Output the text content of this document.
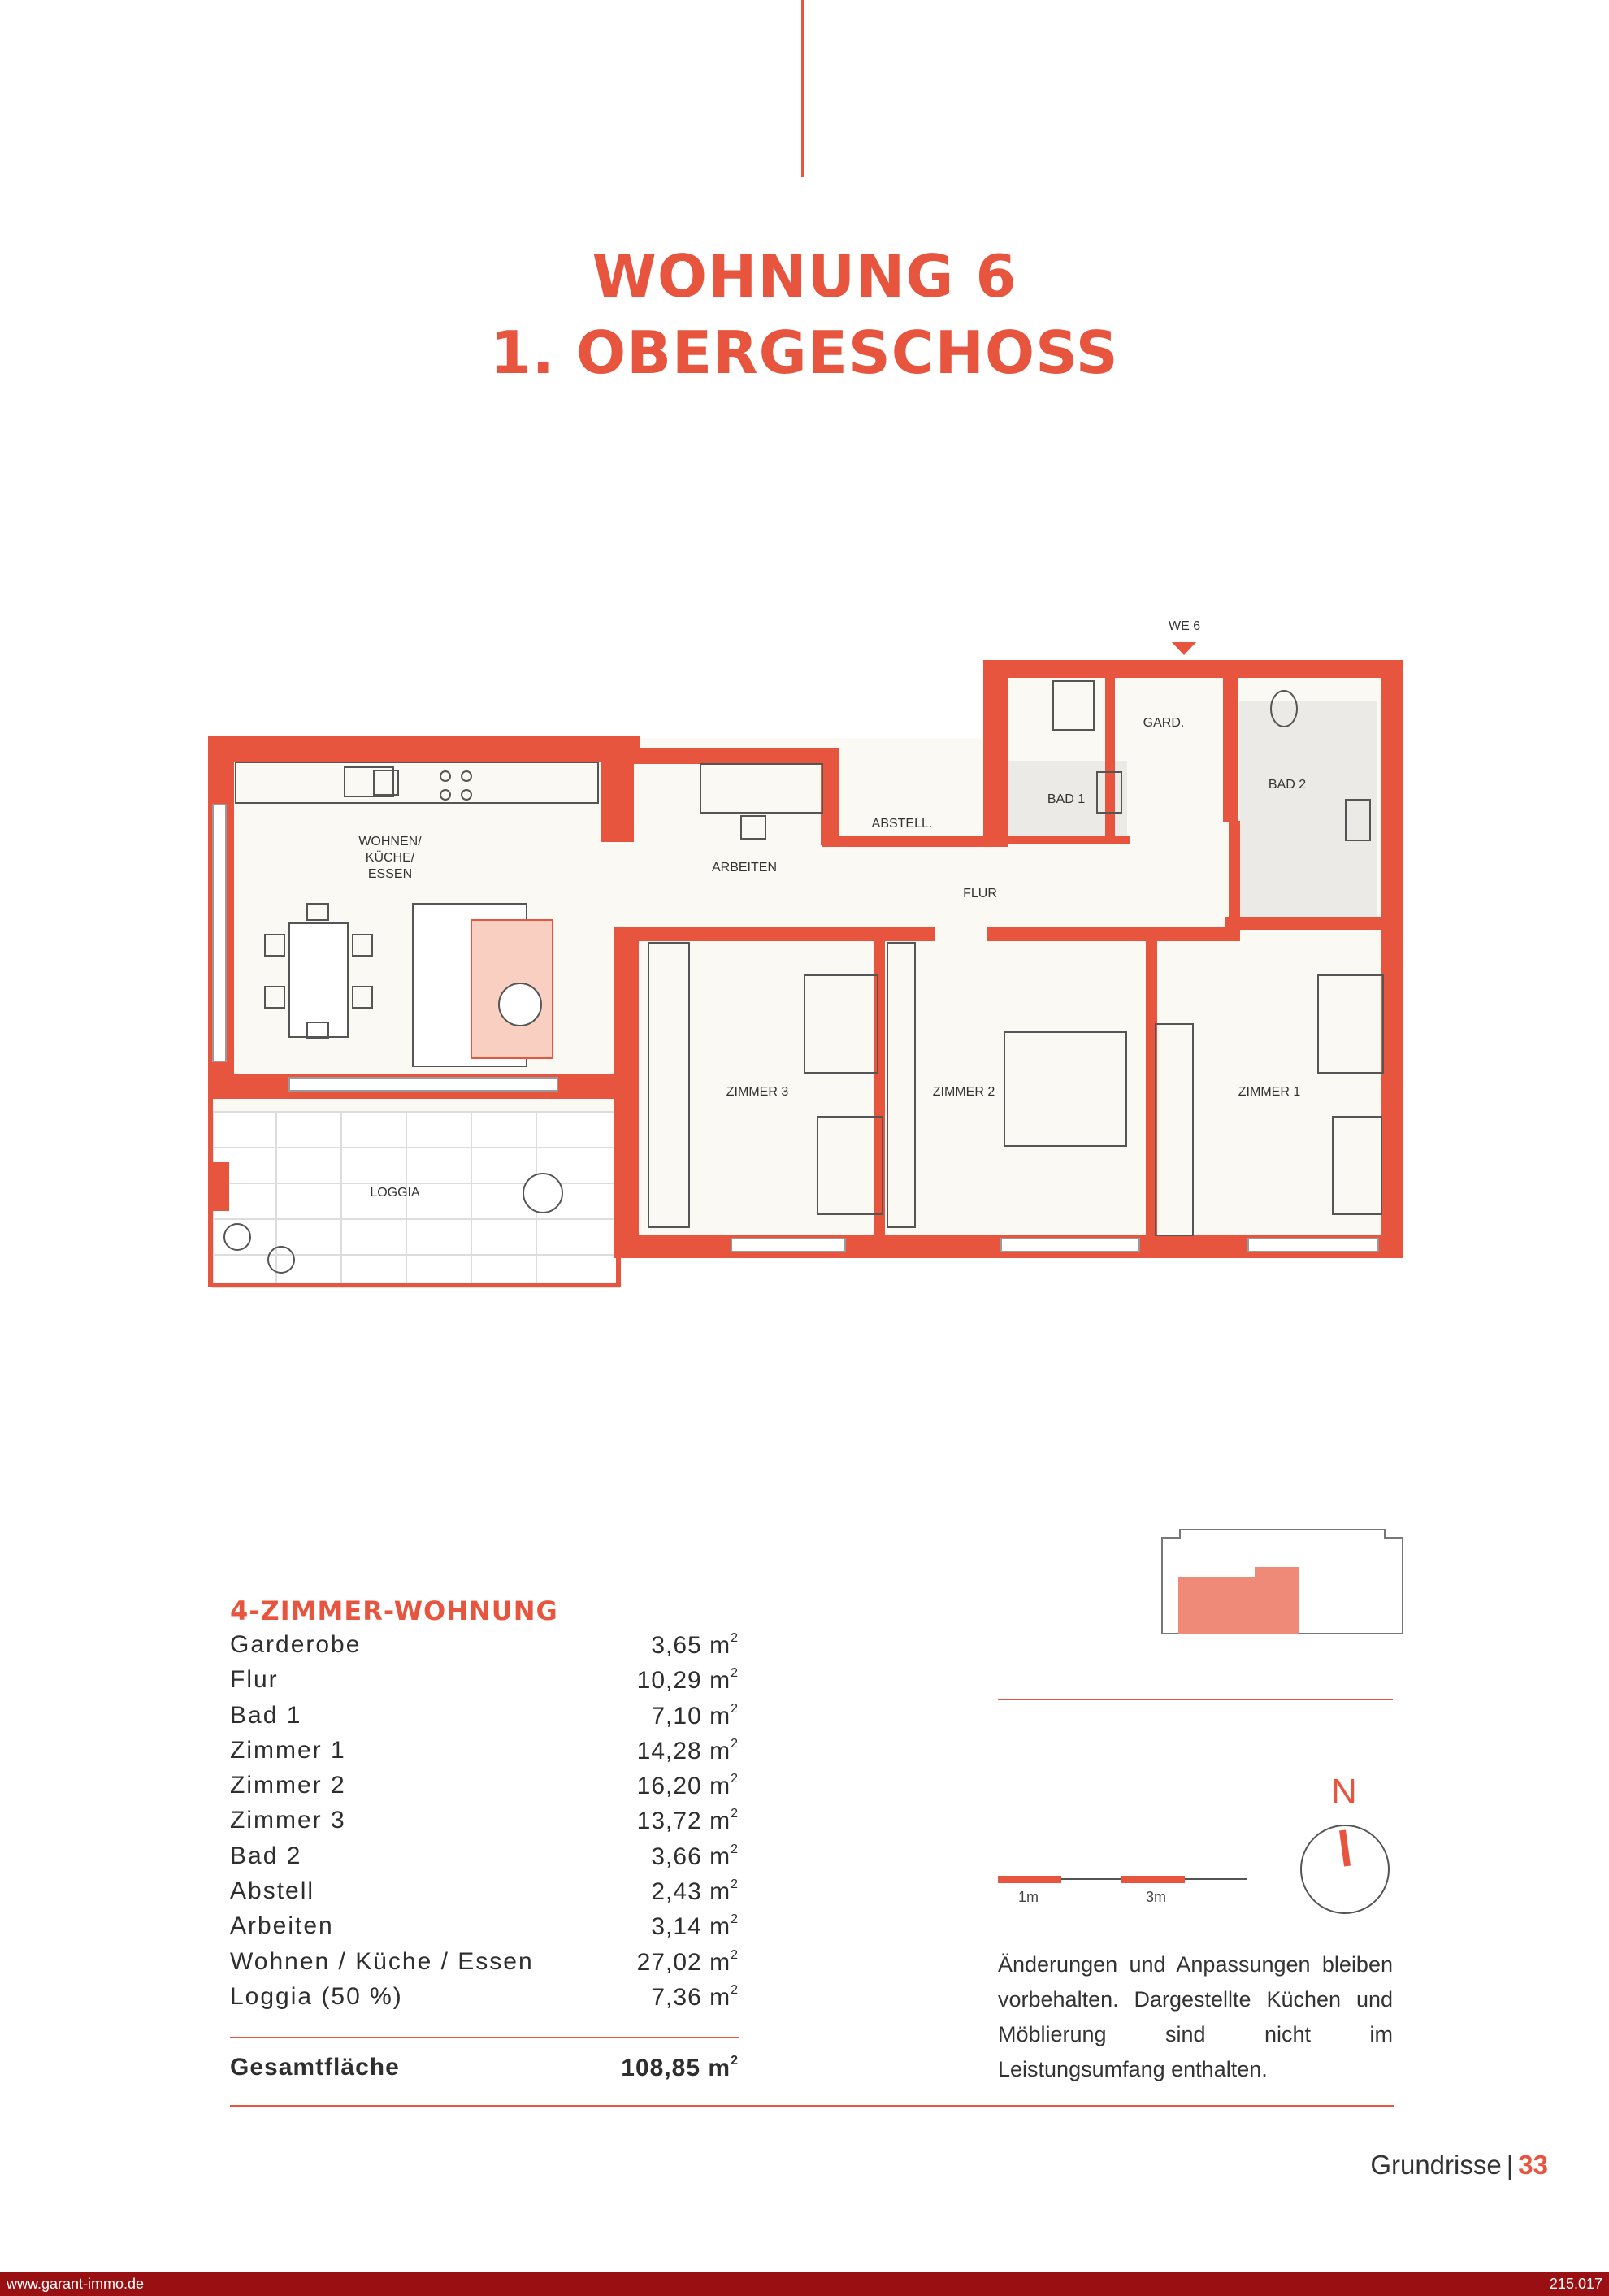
WOHNUNG 6
1. OBERGESCHOSS
WE 6
WOHNEN/
KÜCHE/
ESSEN	ARBEITEN
ABSTELL.
FLUR
BAD 1
GARD.
BAD 2
ZIMMER 3	ZIMMER 2	ZIMMER 1
LOGGIA
4-ZIMMER-WOHNUNG
Garderobe	3,65 $m^2$
Flur	10,29 $m^2$
Bad 1	7,10 $m^2$
Zimmer 1	14,28 $m^2$
Zimmer 2	16,20 $m^2$
Zimmer 3	13,72 $m^2$
Bad 2	3,66 $m^2$
Abstell	2,43 $m^2$
Arbeiten	3,14 $m^2$
Wohnen / Küche / Essen	27,02 $m^2$
Loggia (50 %)	7,36 $m^2$
Gesamtfläche	108,85 $m^2$
N
1m	3m
Änderungen und Anpassungen bleiben vorbehalten. Dargestellte Küchen und Möblierung sind nicht im Leistungsumfang enthalten.
Grundrisse | 33
www.garant-immo.de	215.017
